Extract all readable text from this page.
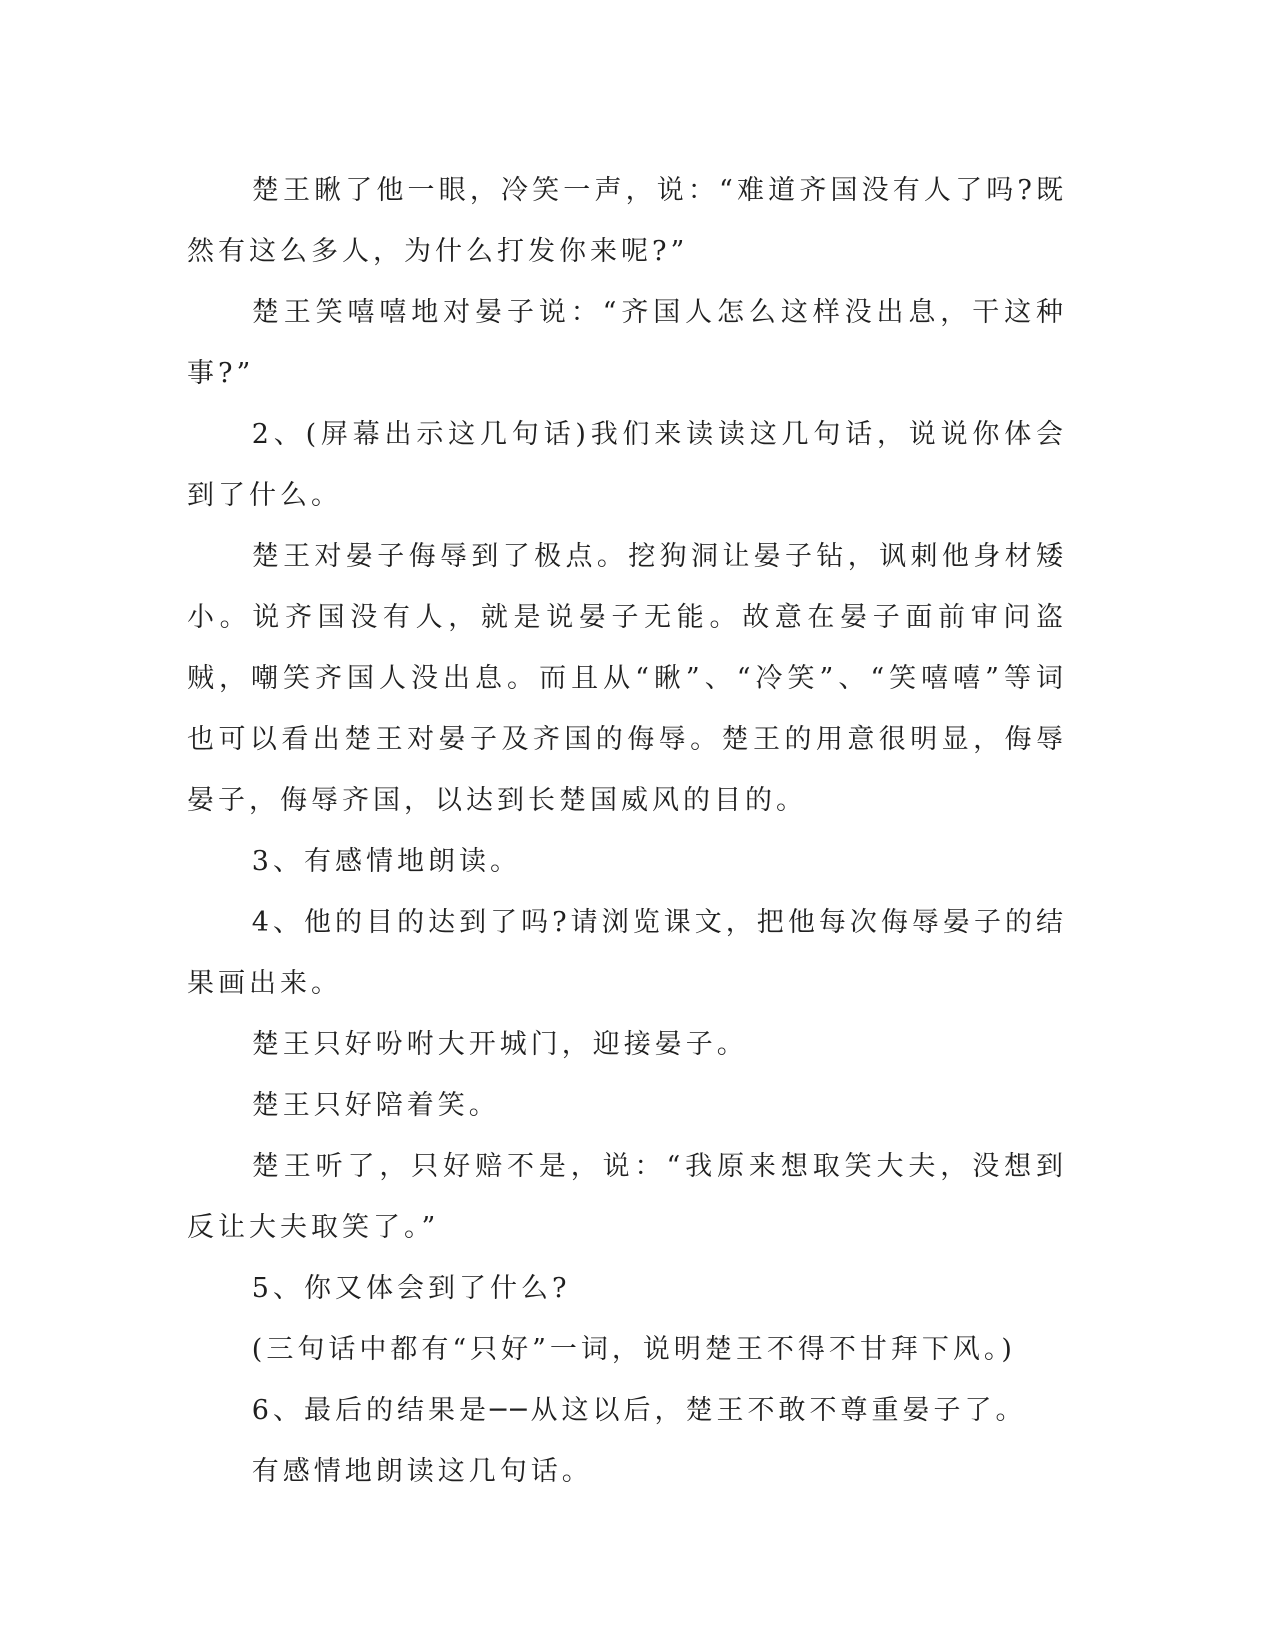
楚王瞅了他一眼，冷笑一声，说：“难道齐国没有人了吗?既然有这么多人，为什么打发你来呢?”

楚王笑嘻嘻地对晏子说：“齐国人怎么这样没出息，干这种事?”

2、(屏幕出示这几句话)我们来读读这几句话，说说你体会到了什么。

楚王对晏子侮辱到了极点。挖狗洞让晏子钻，讽刺他身材矮小。说齐国没有人，就是说晏子无能。故意在晏子面前审问盗贼，嘲笑齐国人没出息。而且从“瞅”、“冷笑”、“笑嘻嘻”等词也可以看出楚王对晏子及齐国的侮辱。楚王的用意很明显，侮辱晏子，侮辱齐国，以达到长楚国威风的目的。

3、有感情地朗读。

4、他的目的达到了吗?请浏览课文，把他每次侮辱晏子的结果画出来。

楚王只好吩咐大开城门，迎接晏子。

楚王只好陪着笑。

楚王听了，只好赔不是，说：“我原来想取笑大夫，没想到反让大夫取笑了。”

5、你又体会到了什么?

(三句话中都有“只好”一词，说明楚王不得不甘拜下风。)

6、最后的结果是──从这以后，楚王不敢不尊重晏子了。

有感情地朗读这几句话。
